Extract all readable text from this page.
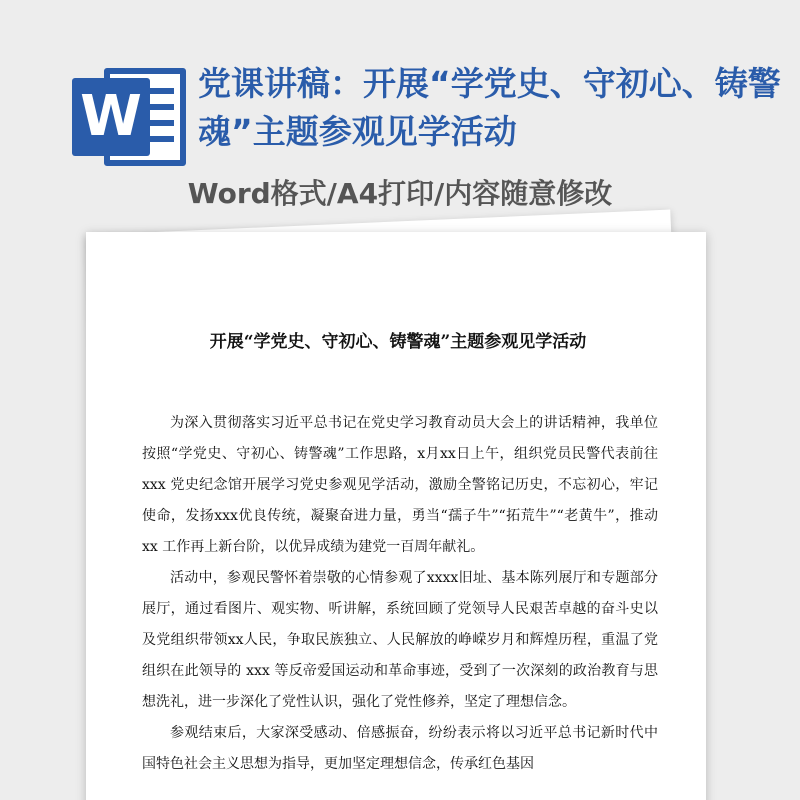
W
党课讲稿：开展“学党史、守初心、铸警魂”主题参观见学活动
Word格式/A4打印/内容随意修改
开展“学党史、守初心、铸警魂”主题参观见学活动

为深入贯彻落实习近平总书记在党史学习教育动员大会上的讲话精神，我单位按照“学党史、守初心、铸警魂”工作思路，x月xx日上午，组织党员民警代表前往 xxx 党史纪念馆开展学习党史参观见学活动，激励全警铭记历史，不忘初心，牢记使命，发扬xxx优良传统，凝聚奋进力量，勇当“孺子牛”“拓荒牛”“老黄牛”，推动 xx 工作再上新台阶，以优异成绩为建党一百周年献礼。

活动中，参观民警怀着崇敬的心情参观了xxxx旧址、基本陈列展厅和专题部分展厅，通过看图片、观实物、听讲解，系统回顾了党领导人民艰苦卓越的奋斗史以及党组织带领xx人民，争取民族独立、人民解放的峥嵘岁月和辉煌历程，重温了党组织在此领导的 xxx 等反帝爱国运动和革命事迹，受到了一次深刻的政治教育与思想洗礼，进一步深化了党性认识，强化了党性修养，坚定了理想信念。

参观结束后，大家深受感动、倍感振奋，纷纷表示将以习近平总书记新时代中国特色社会主义思想为指导，更加坚定理想信念，传承红色基因
